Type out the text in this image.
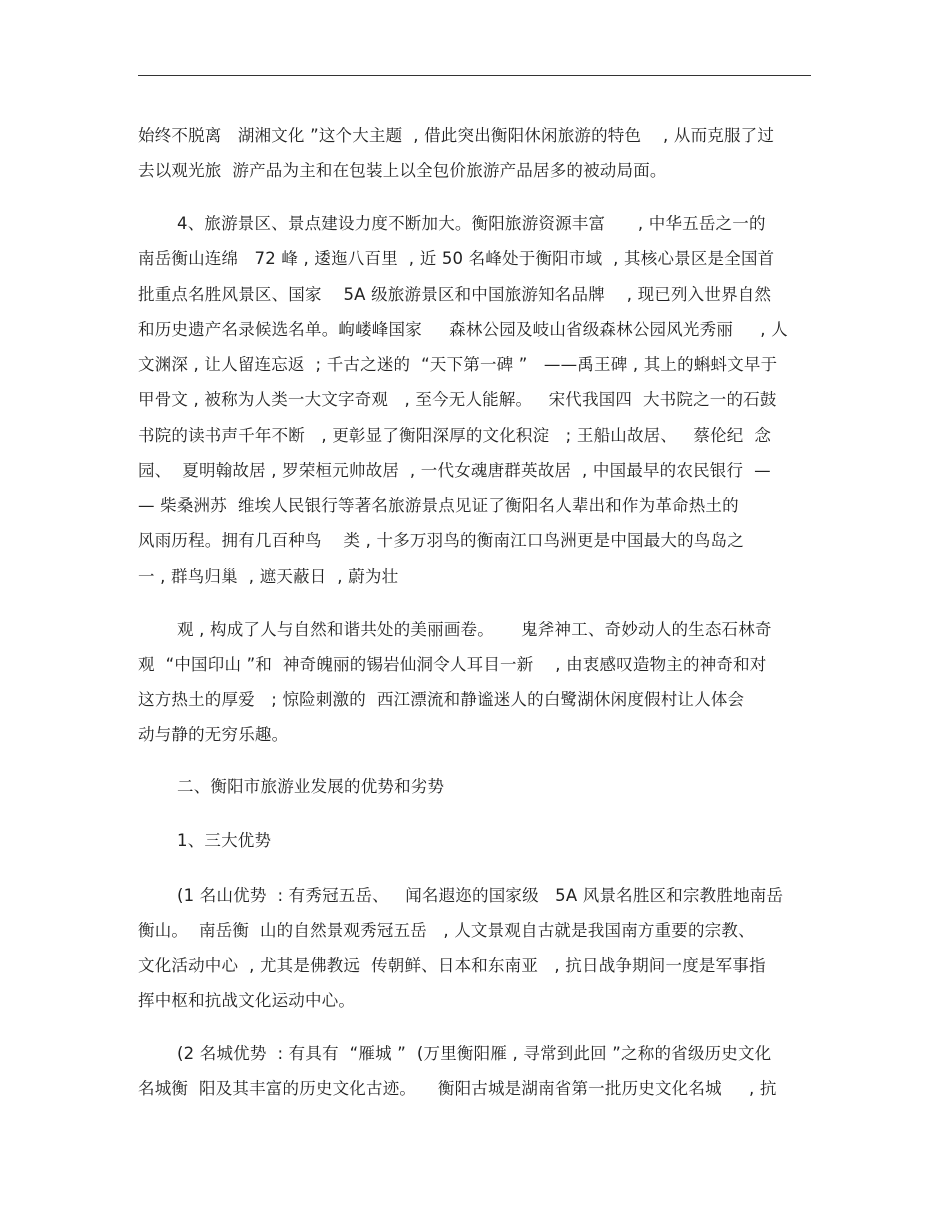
始终不脱离   湖湘文化 ”这个大主题  , 借此突出衡阳休闲旅游的特色    , 从而克服了过
去以观光旅  游产品为主和在包装上以全包价旅游产品居多的被动局面。
4、旅游景区、景点建设力度不断加大。衡阳旅游资源丰富      , 中华五岳之一的
南岳衡山连绵   72 峰 , 逶迤八百里  , 近 50 名峰处于衡阳市域  , 其核心景区是全国首
批重点名胜风景区、国家    5A 级旅游景区和中国旅游知名品牌    , 现已列入世界自然
和历史遗产名录候选名单。岣嵝峰国家     森林公园及岐山省级森林公园风光秀丽     , 人
文渊深 , 让人留连忘返  ; 千古之迷的  “天下第一碑 ”   ——禹王碑 , 其上的蝌蚪文早于
甲骨文 , 被称为人类一大文字奇观   , 至今无人能解。   宋代我国四  大书院之一的石鼓
书院的读书声千年不断   , 更彰显了衡阳深厚的文化积淀   ; 王船山故居、   蔡伦纪  念
园、  夏明翰故居 , 罗荣桓元帅故居  , 一代女魂唐群英故居  , 中国最早的农民银行  —
— 柴桑洲苏  维埃人民银行等著名旅游景点见证了衡阳名人辈出和作为革命热土的
风雨历程。拥有几百种鸟    类 , 十多万羽鸟的衡南江口鸟洲更是中国最大的鸟岛之
一 , 群鸟归巢  , 遮天蔽日  , 蔚为壮
观 , 构成了人与自然和谐共处的美丽画卷。     鬼斧神工、奇妙动人的生态石林奇
观  “中国印山 ”和  神奇魄丽的锡岩仙洞令人耳目一新    , 由衷感叹造物主的神奇和对
这方热土的厚爱   ; 惊险刺激的  西江漂流和静谧迷人的白鹭湖休闲度假村让人体会
动与静的无穷乐趣。
二、衡阳市旅游业发展的优势和劣势
1、三大优势
(1 名山优势  : 有秀冠五岳、   闻名遐迩的国家级   5A 风景名胜区和宗教胜地南岳
衡山。  南岳衡  山的自然景观秀冠五岳   , 人文景观自古就是我国南方重要的宗教、
文化活动中心  , 尤其是佛教远  传朝鲜、日本和东南亚   , 抗日战争期间一度是军事指
挥中枢和抗战文化运动中心。
(2 名城优势  : 有具有  “雁城 ”  (万里衡阳雁 , 寻常到此回 ”之称的省级历史文化
名城衡  阳及其丰富的历史文化古迹。    衡阳古城是湖南省第一批历史文化名城     , 抗
